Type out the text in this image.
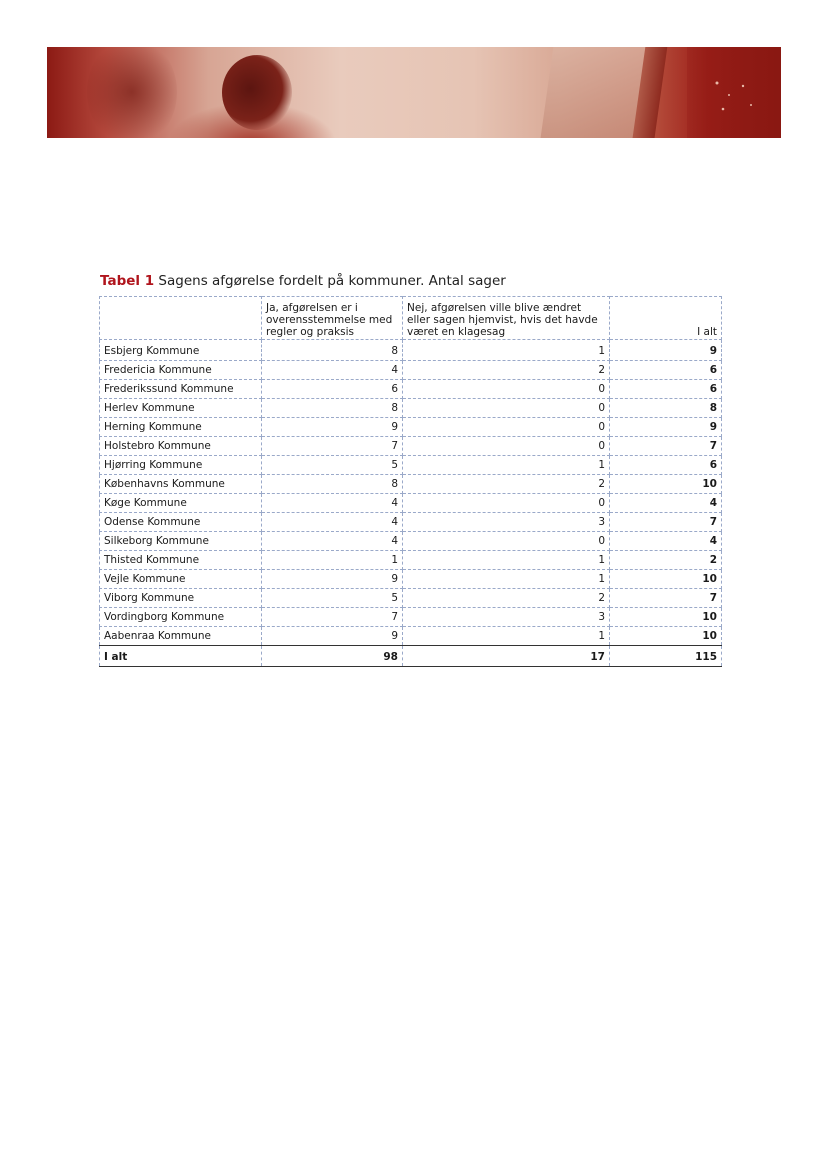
Tabel 1 Sagens afgørelse fordelt på kommuner. Antal sager
	Ja, afgørelsen er i overensstemmelse med regler og praksis	Nej, afgørelsen ville blive ændret eller sagen hjemvist, hvis det havde været en klagesag	I alt
Esbjerg Kommune	8	1	9
Fredericia Kommune	4	2	6
Frederikssund Kommune	6	0	6
Herlev Kommune	8	0	8
Herning Kommune	9	0	9
Holstebro Kommune	7	0	7
Hjørring Kommune	5	1	6
Københavns Kommune	8	2	10
Køge Kommune	4	0	4
Odense Kommune	4	3	7
Silkeborg Kommune	4	0	4
Thisted Kommune	1	1	2
Vejle Kommune	9	1	10
Viborg Kommune	5	2	7
Vordingborg Kommune	7	3	10
Aabenraa Kommune	9	1	10
I alt	98	17	115
